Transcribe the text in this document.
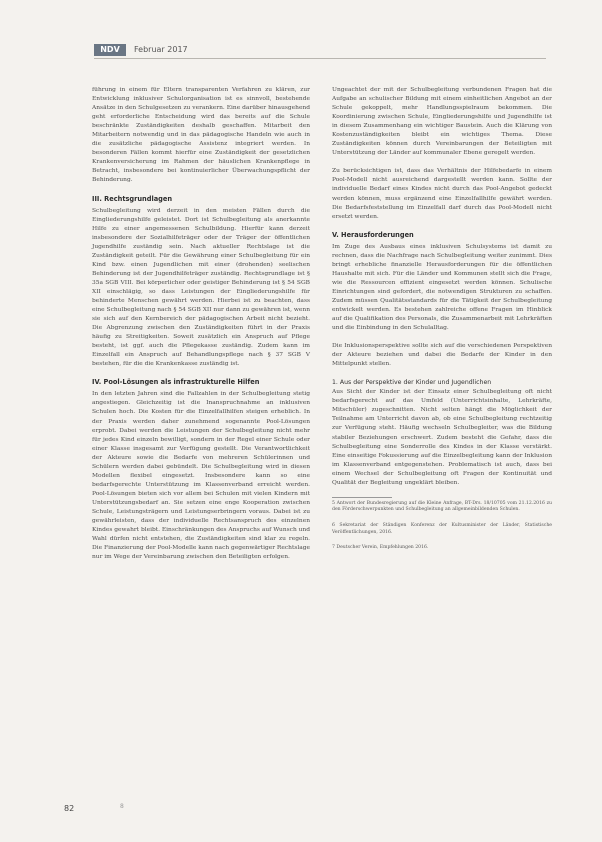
NDV	Februar 2017

führung in einem für Eltern transparenten Verfahren zu klären, zur Entwicklung inklusiver Schulorganisation ist es sinnvoll, bestehende Ansätze in den Schulgesetzen zu verankern. Eine darüber hinausgehend geht erforderliche Entscheidung wird das bereits auf die Schule beschränkte Zuständigkeiten deshalb geschaffen. Mitarbeit den Mitarbeitern notwendig und in das pädagogische Handeln wie auch in die zusätzliche pädagogische Assistenz integriert werden. In besonderen Fällen kommt hierfür eine Zuständigkeit der gesetzlichen Krankenversicherung im Rahmen der häuslichen Krankenpflege in Betracht, insbesondere bei kontinuierlicher Überwachungspflicht der Behinderung.

III. Rechtsgrundlagen

Schulbegleitung wird derzeit in den meisten Fällen durch die Eingliederungshilfe geleistet. Dort ist Schulbegleitung als anerkannte Hilfe zu einer angemessenen Schulbildung. Hierfür kann derzeit insbesondere der Sozialhilfeträger oder der Träger der öffentlichen Jugendhilfe zuständig sein. Nach aktueller Rechtslage ist die Zuständigkeit geteilt. Für die Gewährung einer Schulbegleitung für ein Kind bzw. einen Jugendlichen mit einer (drohenden) seelischen Behinderung ist der Jugendhilfeträger zuständig. Rechtsgrundlage ist § 35a SGB VIII. Bei körperlicher oder geistiger Behinderung ist § 54 SGB XII einschlägig, so dass Leistungen der Eingliederungshilfe für behinderte Menschen gewährt werden. Hierbei ist zu beachten, dass eine Schulbegleitung nach § 54 SGB XII nur dann zu gewähren ist, wenn sie sich auf den Kernbereich der pädagogischen Arbeit nicht bezieht. Die Abgrenzung zwischen den Zuständigkeiten führt in der Praxis häufig zu Streitigkeiten. Soweit zusätzlich ein Anspruch auf Pflege besteht, ist ggf. auch die Pflegekasse zuständig. Zudem kann im Einzelfall ein Anspruch auf Behandlungspflege nach § 37 SGB V bestehen, für die die Krankenkasse zuständig ist.

IV. Pool-Lösungen als infrastrukturelle Hilfen

In den letzten Jahren sind die Fallzahlen in der Schulbegleitung stetig angestiegen. Gleichzeitig ist die Inanspruchnahme an inklusiven Schulen hoch. Die Kosten für die Einzelfallhilfen steigen erheblich. In der Praxis werden daher zunehmend sogenannte Pool-Lösungen erprobt. Dabei werden die Leistungen der Schulbegleitung nicht mehr für jedes Kind einzeln bewilligt, sondern in der Regel einer Schule oder einer Klasse insgesamt zur Verfügung gestellt. Die Verantwortlichkeit der Akteure sowie die Bedarfe von mehreren Schülerinnen und Schülern werden dabei gebündelt. Die Schulbegleitung wird in diesen Modellen flexibel eingesetzt. Insbesondere kann so eine bedarfsgerechte Unterstützung im Klassenverband erreicht werden. Pool-Lösungen bieten sich vor allem bei Schulen mit vielen Kindern mit Unterstützungsbedarf an. Sie setzen eine enge Kooperation zwischen Schule, Leistungsträgern und Leistungserbringern voraus. Dabei ist zu gewährleisten, dass der individuelle Rechtsanspruch des einzelnen Kindes gewahrt bleibt. Einschränkungen des Anspruchs auf Wunsch und Wahl dürfen nicht entstehen, die Zuständigkeiten sind klar zu regeln. Die Finanzierung der Pool-Modelle kann nach gegenwärtiger Rechtslage nur im Wege der Vereinbarung zwischen den Beteiligten erfolgen.

Ungeachtet der mit der Schulbegleitung verbundenen Fragen hat die Aufgabe an schulischer Bildung mit einem einheitlichen Angebot an der Schule gekoppelt, mehr Handlungsspielraum bekommen. Die Koordinierung zwischen Schule, Eingliederungshilfe und Jugendhilfe ist in diesem Zusammenhang ein wichtiger Baustein. Auch die Klärung von Kostenzuständigkeiten bleibt ein wichtiges Thema. Diese Zuständigkeiten können durch Vereinbarungen der Beteiligten mit Unterstützung der Länder auf kommunaler Ebene geregelt werden.

Zu berücksichtigen ist, dass das Verhältnis der Hilfebedarfe in einem Pool-Modell nicht ausreichend dargestellt werden kann. Sollte der individuelle Bedarf eines Kindes nicht durch das Pool-Angebot gedeckt werden können, muss ergänzend eine Einzelfallhilfe gewährt werden. Die Bedarfsfeststellung im Einzelfall darf durch das Pool-Modell nicht ersetzt werden.

V. Herausforderungen

Im Zuge des Ausbaus eines inklusiven Schulsystems ist damit zu rechnen, dass die Nachfrage nach Schulbegleitung weiter zunimmt. Dies bringt erhebliche finanzielle Herausforderungen für die öffentlichen Haushalte mit sich. Für die Länder und Kommunen stellt sich die Frage, wie die Ressourcen effizient eingesetzt werden können. Schulische Einrichtungen sind gefordert, die notwendigen Strukturen zu schaffen. Zudem müssen Qualitätsstandards für die Tätigkeit der Schulbegleitung entwickelt werden. Es bestehen zahlreiche offene Fragen im Hinblick auf die Qualifikation des Personals, die Zusammenarbeit mit Lehrkräften und die Einbindung in den Schulalltag.

Die Inklusionsperspektive sollte sich auf die verschiedenen Perspektiven der Akteure beziehen und dabei die Bedarfe der Kinder in den Mittelpunkt stellen.

1. Aus der Perspektive der Kinder und Jugendlichen

Aus Sicht der Kinder ist der Einsatz einer Schulbegleitung oft nicht bedarfsgerecht auf das Umfeld (Unterrichtsinhalte, Lehrkräfte, Mitschüler) zugeschnitten. Nicht selten hängt die Möglichkeit der Teilnahme am Unterricht davon ab, ob eine Schulbegleitung rechtzeitig zur Verfügung steht. Häufig wechseln Schulbegleiter, was die Bildung stabiler Beziehungen erschwert. Zudem besteht die Gefahr, dass die Schulbegleitung eine Sonderrolle des Kindes in der Klasse verstärkt. Eine einseitige Fokussierung auf die Einzelbegleitung kann der Inklusion im Klassenverband entgegenstehen. Problematisch ist auch, dass bei einem Wechsel der Schulbegleitung oft Fragen der Kontinuität und Qualität der Begleitung ungeklärt bleiben.

5 Antwort der Bundesregierung auf die Kleine Anfrage, BT-Drs. 18/10705 vom 21.12.2016 zu den Förderschwerpunkten und Schulbegleitung an allgemeinbildenden Schulen.

6 Sekretariat der Ständigen Konferenz der Kultusminister der Länder, Statistische Veröffentlichungen, 2016.

7 Deutscher Verein, Empfehlungen 2016.

82	8
